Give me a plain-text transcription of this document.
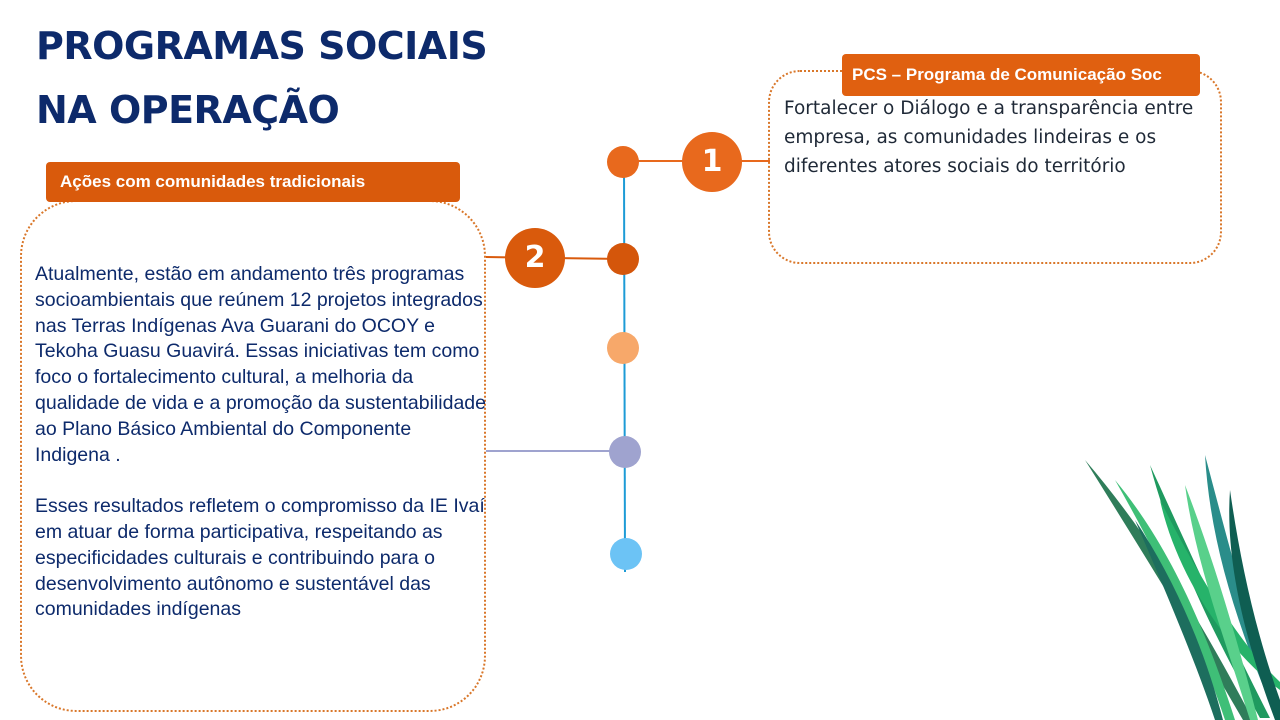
PROGRAMAS SOCIAIS
NA OPERAÇÃO
PCS – Programa de Comunicação Soc

Fortalecer o Diálogo e a transparência entre empresa, as comunidades lindeiras e os diferentes atores sociais do território

1
Ações com comunidades tradicionais

Atualmente, estão em andamento três programas socioambientais que reúnem 12 projetos integrados nas Terras Indígenas Ava Guarani do OCOY e Tekoha Guasu Guavirá. Essas iniciativas tem como foco o fortalecimento cultural, a melhoria da qualidade de vida e a promoção da sustentabilidade ao Plano Básico Ambiental do Componente Indigena .

Esses resultados refletem o compromisso da IE Ivaí em atuar de forma participativa, respeitando as especificidades culturais e contribuindo para o desenvolvimento autônomo e sustentável das comunidades indígenas

2
